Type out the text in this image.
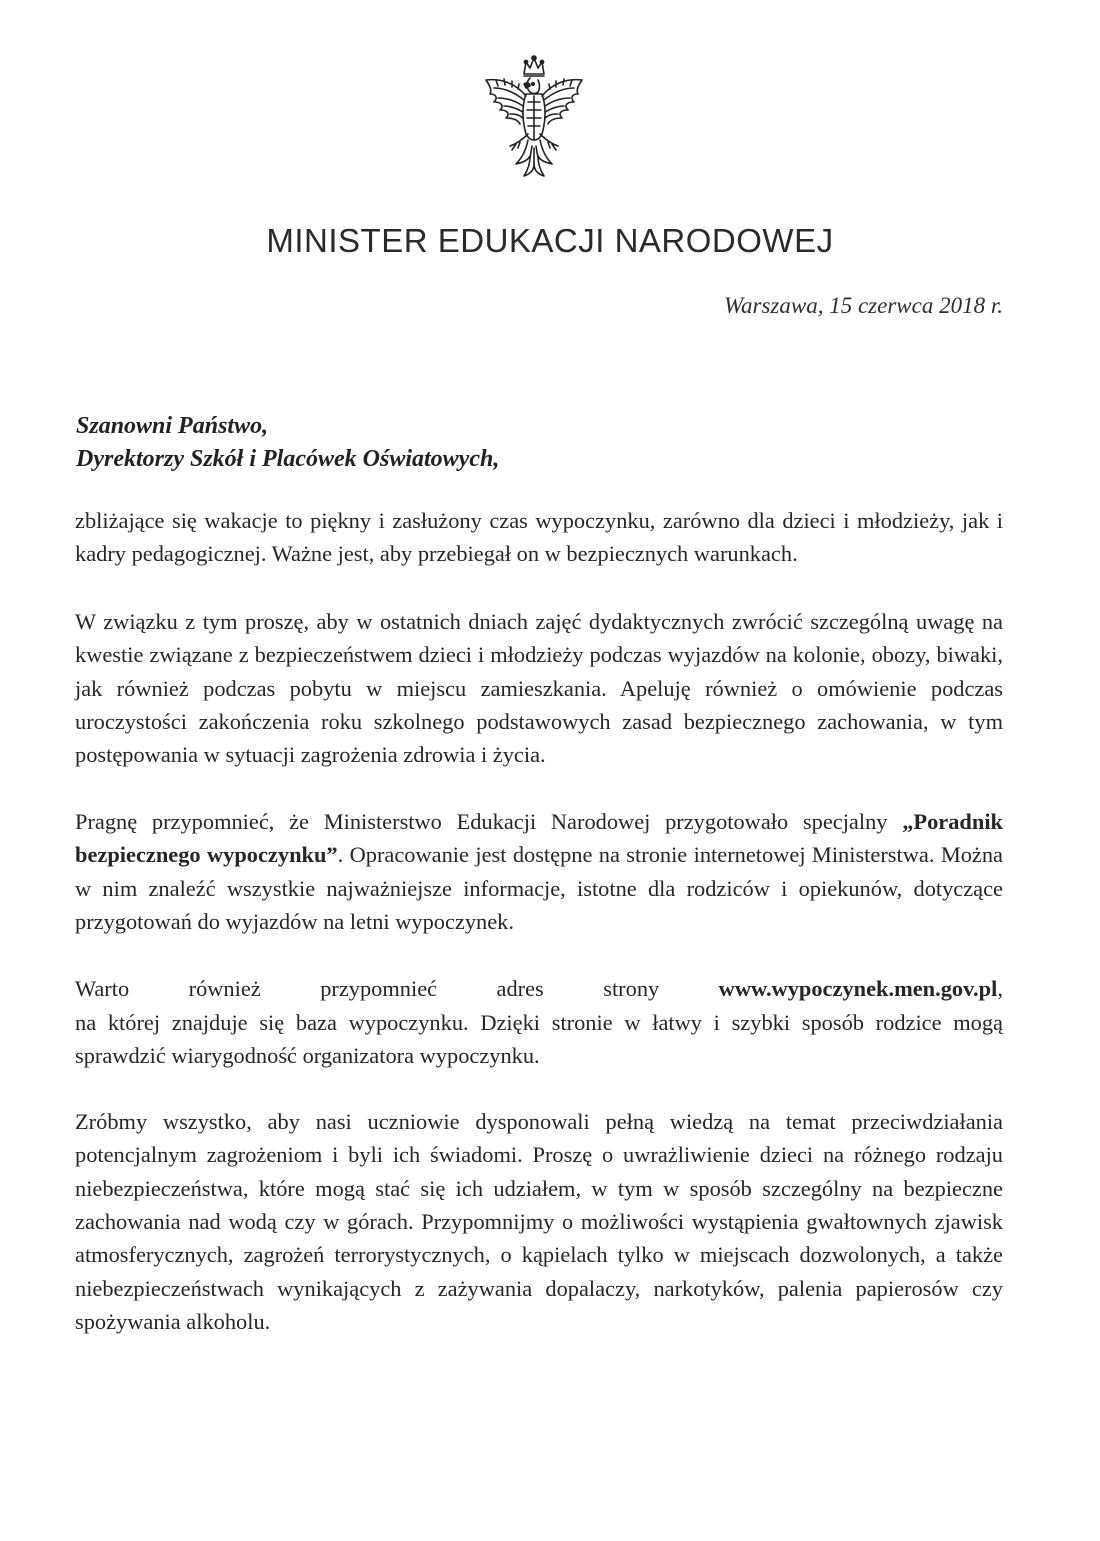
MINISTER EDUKACJI NARODOWEJ
Warszawa, 15 czerwca 2018 r.
Szanowni Państwo,
Dyrektorzy Szkół i Placówek Oświatowych,

zbliżające się wakacje to piękny i zasłużony czas wypoczynku, zarówno dla dzieci i młodzieży, jak i kadry pedagogicznej. Ważne jest, aby przebiegał on w bezpiecznych warunkach.

W związku z tym proszę, aby w ostatnich dniach zajęć dydaktycznych zwrócić szczególną uwagę na kwestie związane z bezpieczeństwem dzieci i młodzieży podczas wyjazdów na kolonie, obozy, biwaki, jak również podczas pobytu w miejscu zamieszkania. Apeluję również o omówienie podczas uroczystości zakończenia roku szkolnego podstawowych zasad bezpiecznego zachowania, w tym postępowania w sytuacji zagrożenia zdrowia i życia.

Pragnę przypomnieć, że Ministerstwo Edukacji Narodowej przygotowało specjalny „Poradnik bezpiecznego wypoczynku”. Opracowanie jest dostępne na stronie internetowej Ministerstwa. Można w nim znaleźć wszystkie najważniejsze informacje, istotne dla rodziców i opiekunów, dotyczące przygotowań do wyjazdów na letni wypoczynek.

Warto	również	przypomnieć	adres	strony	www.wypoczynek.men.gov.pl,
na której znajduje się baza wypoczynku. Dzięki stronie w łatwy i szybki sposób rodzice mogą sprawdzić wiarygodność organizatora wypoczynku.

Zróbmy wszystko, aby nasi uczniowie dysponowali pełną wiedzą na temat przeciwdziałania potencjalnym zagrożeniom i byli ich świadomi. Proszę o uwrażliwienie dzieci na różnego rodzaju niebezpieczeństwa, które mogą stać się ich udziałem, w tym w sposób szczególny na bezpieczne zachowania nad wodą czy w górach. Przypomnijmy o możliwości wystąpienia gwałtownych zjawisk atmosferycznych, zagrożeń terrorystycznych, o kąpielach tylko w miejscach dozwolonych, a także niebezpieczeństwach wynikających z zażywania dopalaczy, narkotyków, palenia papierosów czy spożywania alkoholu.
